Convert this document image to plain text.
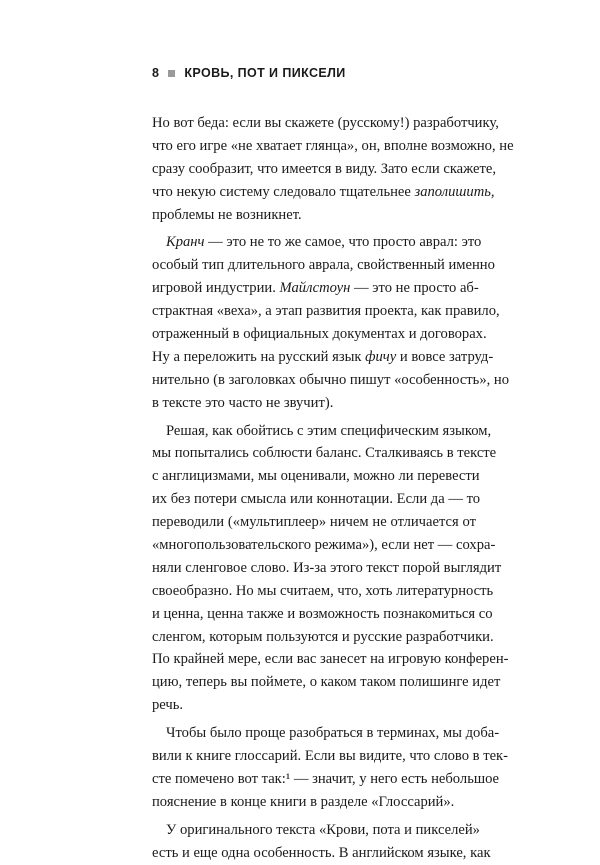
8 КРОВЬ, ПОТ И ПИКСЕЛИ
Но вот беда: если вы скажете (русскому!) разработчику,
что его игре «не хватает глянца», он, вполне возможно, не
сразу сообразит, что имеется в виду. Зато если скажете,
что некую систему следовало тщательнее заполишить,
проблемы не возникнет.
Кранч — это не то же самое, что просто аврал: это
особый тип длительного аврала, свойственный именно
игровой индустрии. Майлстоун — это не просто аб-
страктная «веха», а этап развития проекта, как правило,
отраженный в официальных документах и договорах.
Ну а переложить на русский язык фичу и вовсе затруд-
нительно (в заголовках обычно пишут «особенность», но
в тексте это часто не звучит).
Решая, как обойтись с этим специфическим языком,
мы попытались соблюсти баланс. Сталкиваясь в тексте
с англицизмами, мы оценивали, можно ли перевести
их без потери смысла или коннотации. Если да — то
переводили («мультиплеер» ничем не отличается от
«многопользовательского режима»), если нет — сохра-
няли сленговое слово. Из-за этого текст порой выглядит
своеобразно. Но мы считаем, что, хоть литературность
и ценна, ценна также и возможность познакомиться со
сленгом, которым пользуются и русские разработчики.
По крайней мере, если вас занесет на игровую конферен-
цию, теперь вы поймете, о каком таком полишинге идет
речь.
Чтобы было проще разобраться в терминах, мы доба-
вили к книге глоссарий. Если вы видите, что слово в тек-
сте помечено вот так:¹ — значит, у него есть небольшое
пояснение в конце книги в разделе «Глоссарий».
У оригинального текста «Крови, пота и пикселей»
есть и еще одна особенность. В английском языке, как
